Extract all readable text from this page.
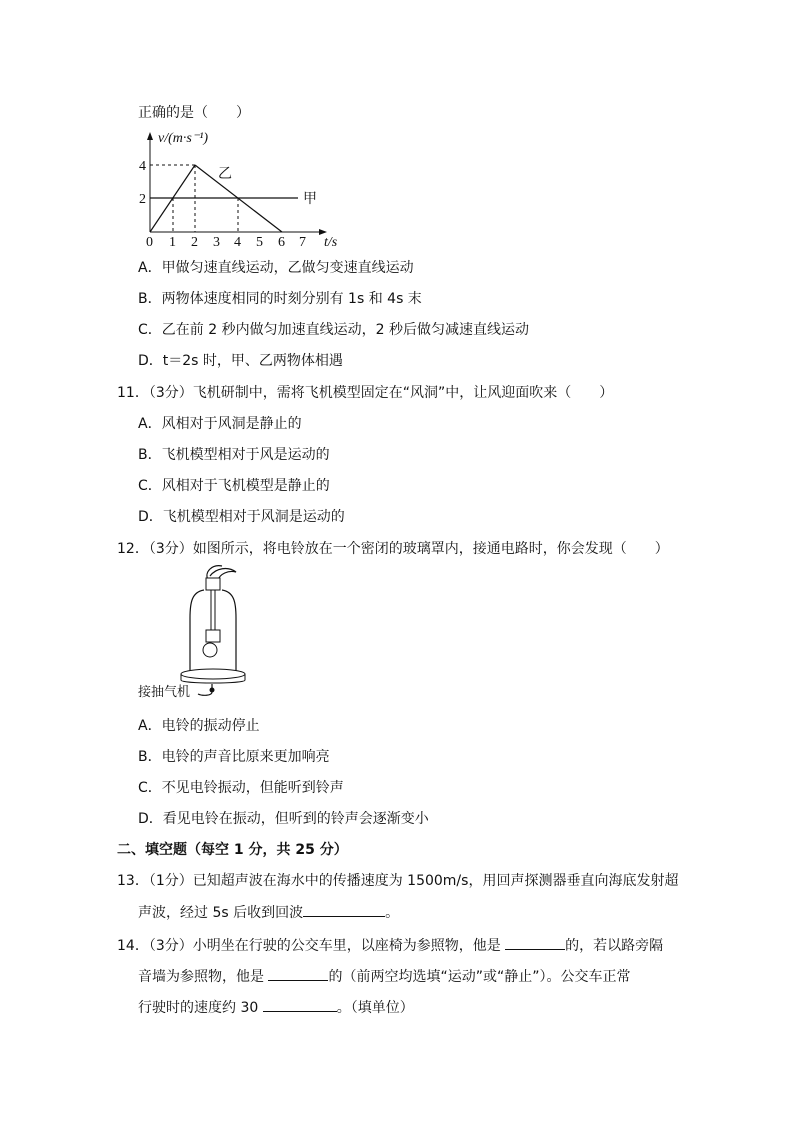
正确的是（　　）
v/(m·s⁻¹)
t/s
4
2
0 1 2 3 4 5 6 7
乙
甲
A．甲做匀速直线运动，乙做匀变速直线运动
B．两物体速度相同的时刻分别有 1s 和 4s 末
C．乙在前 2 秒内做匀加速直线运动，2 秒后做匀减速直线运动
D．t＝2s 时，甲、乙两物体相遇
11．（3分）飞机研制中，需将飞机模型固定在“风洞”中，让风迎面吹来（　　）
A．风相对于风洞是静止的
B．飞机模型相对于风是运动的
C．风相对于飞机模型是静止的
D．飞机模型相对于风洞是运动的
12．（3分）如图所示，将电铃放在一个密闭的玻璃罩内，接通电路时，你会发现（　　）
接抽气机
A．电铃的振动停止
B．电铃的声音比原来更加响亮
C．不见电铃振动，但能听到铃声
D．看见电铃在振动，但听到的铃声会逐渐变小
二、填空题（每空 1 分，共 25 分）
13．（1分）已知超声波在海水中的传播速度为 1500m/s，用回声探测器垂直向海底发射超
声波，经过 5s 后收到回波	。
14．（3分）小明坐在行驶的公交车里，以座椅为参照物，他是	的，若以路旁隔
音墙为参照物，他是	的（前两空均选填“运动”或“静止”）。公交车正常
行驶时的速度约 30	。（填单位）
